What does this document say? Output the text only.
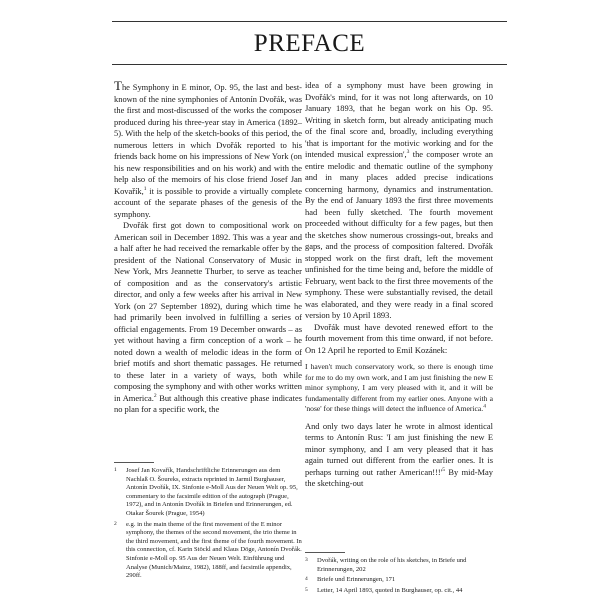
PREFACE

The Symphony in E minor, Op. 95, the last and best-known of the nine symphonies of Antonín Dvořák, was the first and most-discussed of the works the composer produced during his three-year stay in America (1892–5). With the help of the sketch-books of this period, the numerous letters in which Dvořák reported to his friends back home on his impressions of New York (on his new responsibilities and on his work) and with the help also of the memoirs of his close friend Josef Jan Kovařík,$^1$ it is possible to provide a virtually complete account of the separate phases of the genesis of the symphony.

Dvořák first got down to compositional work on American soil in December 1892. This was a year and a half after he had received the remarkable offer by the president of the National Conservatory of Music in New York, Mrs Jeannette Thurber, to serve as teacher of composition and as the conservatory's artistic director, and only a few weeks after his arrival in New York (on 27 September 1892), during which time he had primarily been involved in fulfilling a series of official engagements. From 19 December onwards – as yet without having a firm conception of a work – he noted down a wealth of melodic ideas in the form of brief motifs and short thematic passages. He returned to these later in a variety of ways, both while composing the symphony and with other works written in America.$^2$ But although this creative phase indicates no plan for a specific work, the

idea of a symphony must have been growing in Dvořák's mind, for it was not long afterwards, on 10 January 1893, that he began work on his Op. 95. Writing in sketch form, but already anticipating much of the final score and, broadly, including everything 'that is important for the motivic working and for the intended musical expression',$^3$ the composer wrote an entire melodic and thematic outline of the symphony and in many places added precise indications concerning harmony, dynamics and instrumentation. By the end of January 1893 the first three movements had been fully sketched. The fourth movement proceeded without difficulty for a few pages, but then the sketches show numerous crossings-out, breaks and gaps, and the process of composition faltered. Dvořák stopped work on the first draft, left the movement unfinished for the time being and, before the middle of February, went back to the first three movements of the symphony. These were substantially revised, the detail was elaborated, and they were ready in a final scored version by 10 April 1893.

Dvořák must have devoted renewed effort to the fourth movement from this time onward, if not before. On 12 April he reported to Emil Kozánek:

I haven't much conservatory work, so there is enough time for me to do my own work, and I am just finishing the new E minor symphony, I am very pleased with it, and it will be fundamentally different from my earlier ones. Anyone with a 'nose' for these things will detect the influence of America.$^4$

And only two days later he wrote in almost identical terms to Antonín Rus: 'I am just finishing the new E minor symphony, and I am very pleased that it has again turned out different from the earlier ones. It is perhaps turning out rather $American!!!'^5$ By mid-May the sketching-out

1 Josef Jan Kovařík, Handschriftliche Erinnerungen aus dem Nachlaß O. Šoureks, extracts reprinted in Jarmil Burghauser, Antonín Dvořák, IX. Sinfonie e-Moll Aus der Neuen Welt op. 95, commentary to the facsimile edition of the autograph (Prague, 1972), and in Antonín Dvořák in Briefen und Erinnerungen, ed. Otakar Šourek (Prague, 1954)
2 e.g. in the main theme of the first movement of the E minor symphony, the themes of the second movement, the trio theme in the third movement, and the first theme of the fourth movement. In this connection, cf. Karin Stöckl and Klaus Döge, Antonín Dvořák. Sinfonie e-Moll op. 95 Aus der Neuen Welt. Einführung und Analyse (Munich/Mainz, 1982), 188ff, and facsimile appendix, 290ff.
3 Dvořák, writing on the role of his sketches, in Briefe und Erinnerungen, 202
4 Briefe und Erinnerungen, 171
5 Letter, 14 April 1893, quoted in Burghauser, op. cit., 44
